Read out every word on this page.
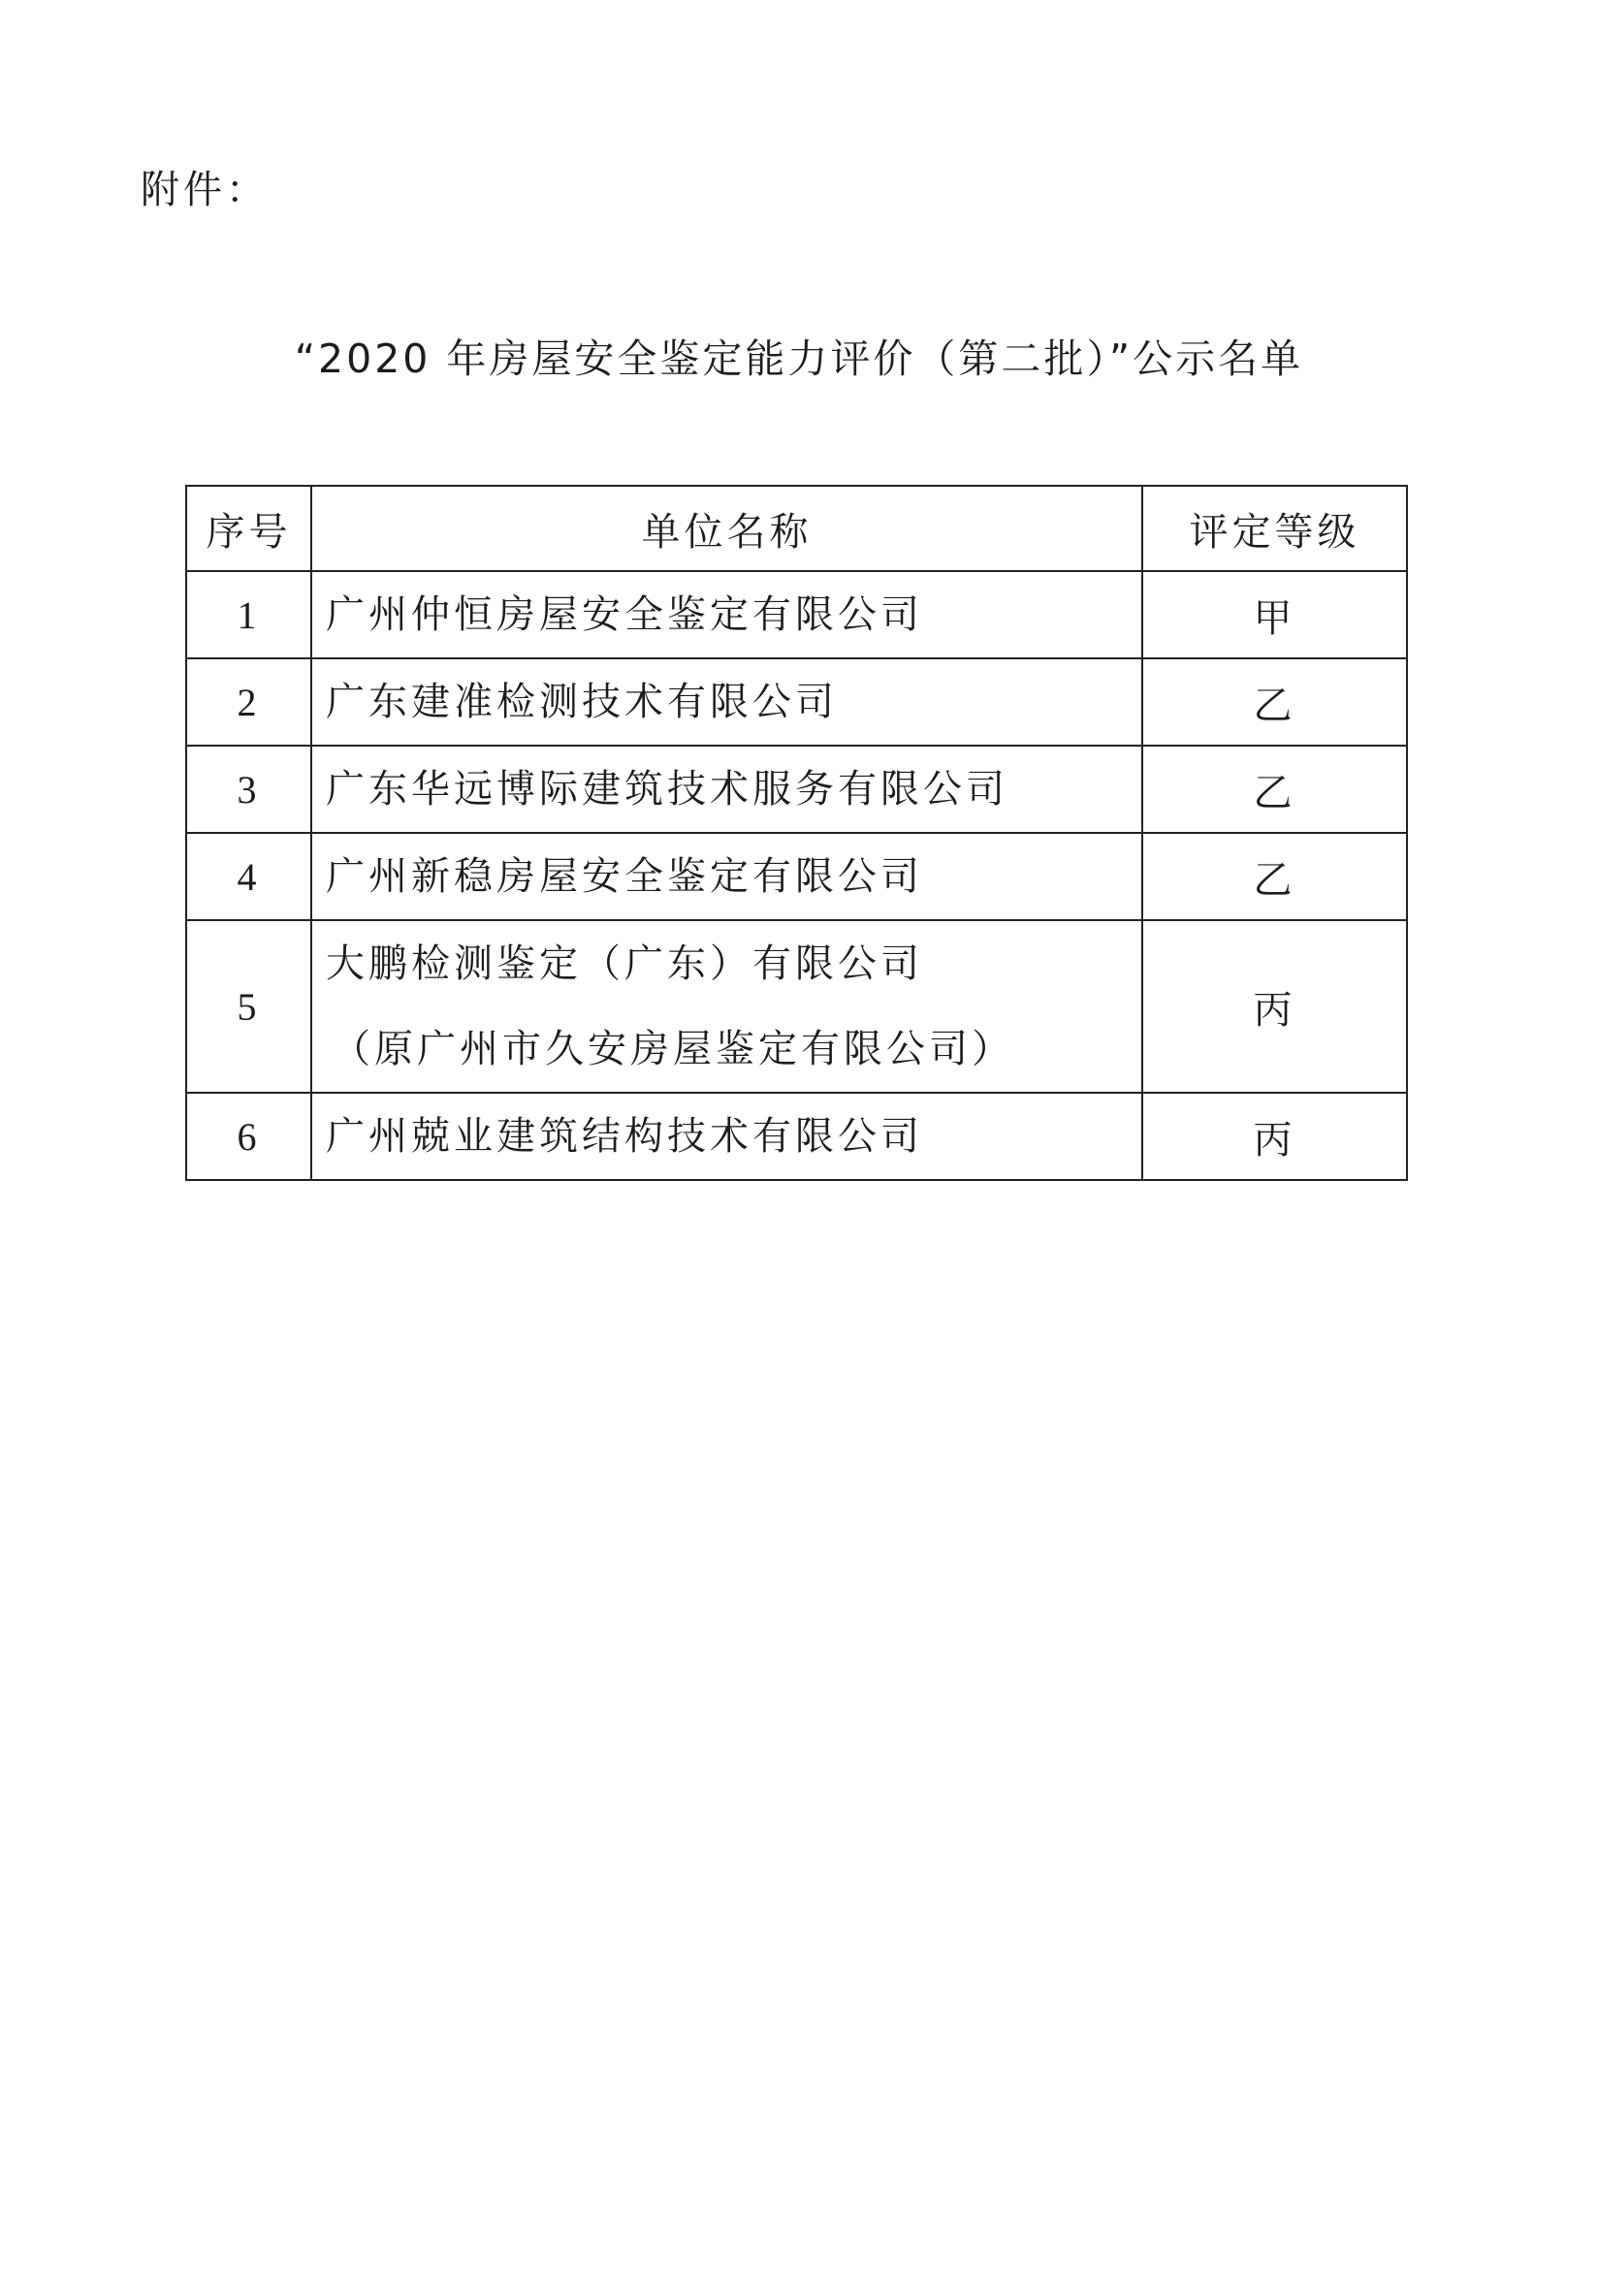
附件：
“2020 年房屋安全鉴定能力评价（第二批）”公示名单
序号	单位名称	评定等级
1	广州仲恒房屋安全鉴定有限公司	甲
2	广东建准检测技术有限公司	乙
3	广东华远博际建筑技术服务有限公司	乙
4	广州新稳房屋安全鉴定有限公司	乙
5	大鹏检测鉴定（广东）有限公司
（原广州市久安房屋鉴定有限公司）	丙
6	广州兢业建筑结构技术有限公司	丙
